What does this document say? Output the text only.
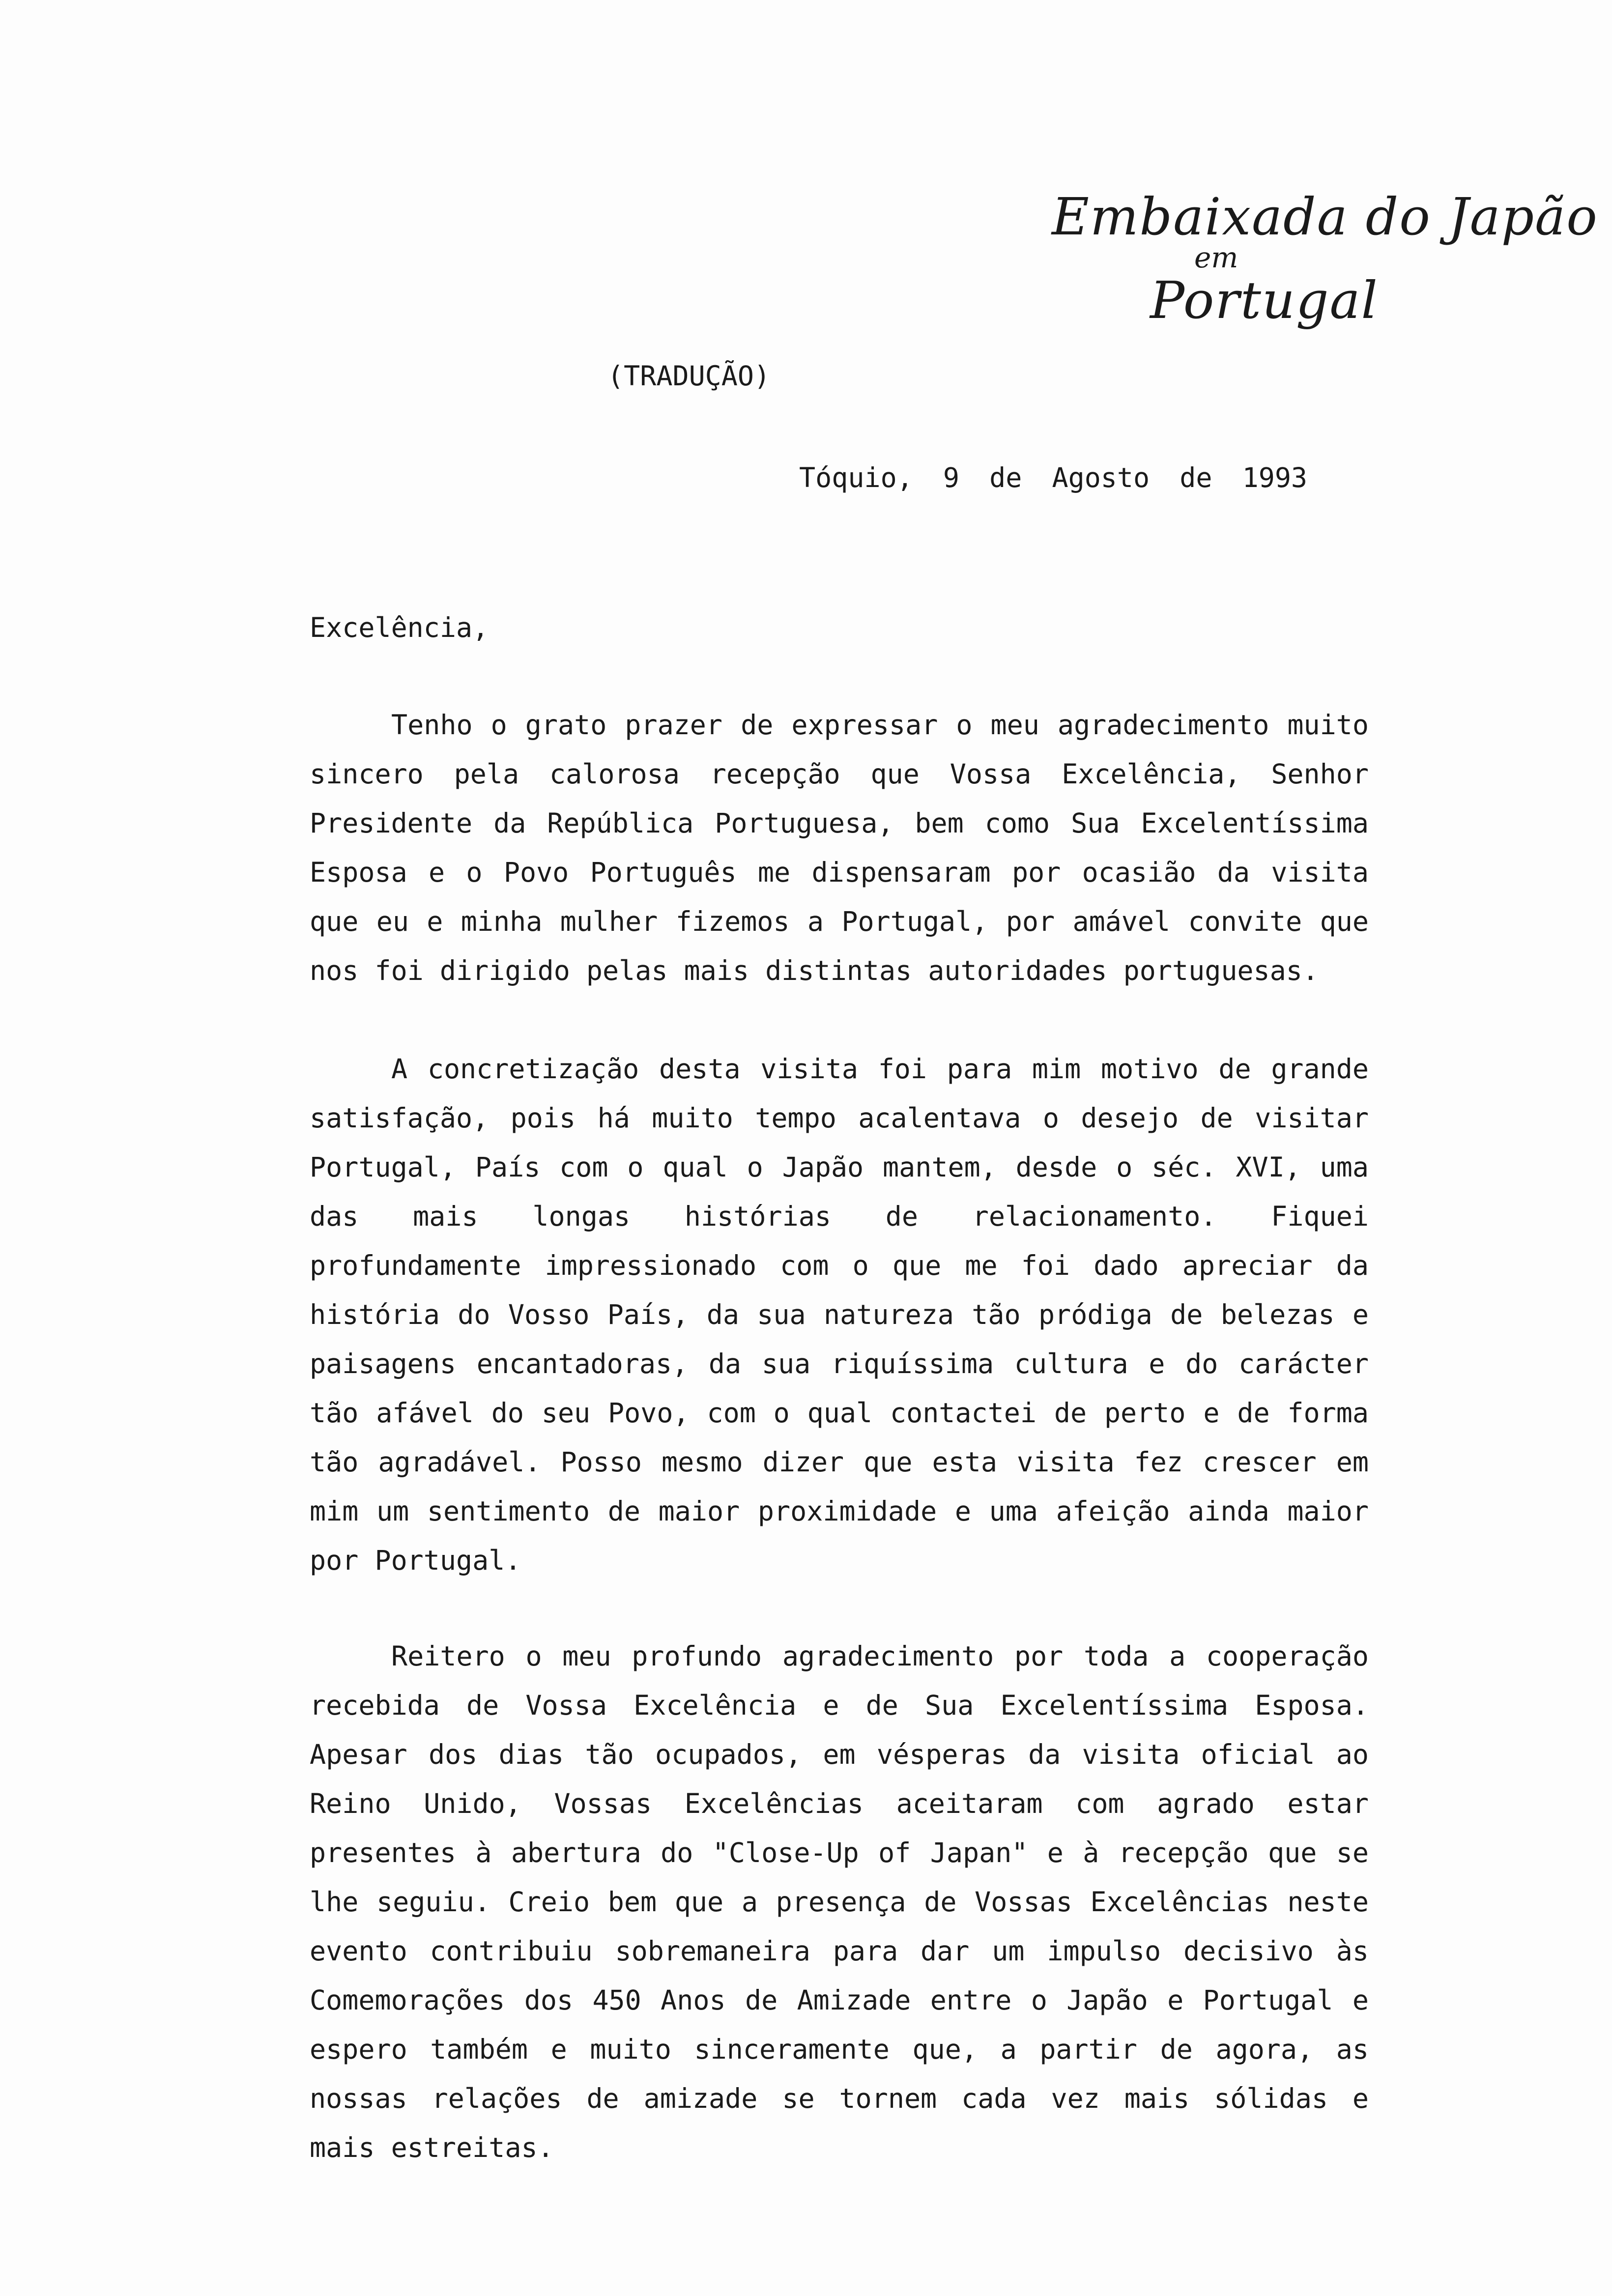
Embaixada do Japão
em
Portugal
(TRADUÇÃO)
Tóquio, 9 de Agosto de 1993
Excelência,
Tenho o grato prazer de expressar o meu agradecimento muito
sincero pela calorosa recepção que Vossa Excelência, Senhor
Presidente da República Portuguesa, bem como Sua Excelentíssima
Esposa e o Povo Português me dispensaram por ocasião da visita
que eu e minha mulher fizemos a Portugal, por amável convite que
nos foi dirigido pelas mais distintas autoridades portuguesas.
A concretização desta visita foi para mim motivo de grande
satisfação, pois há muito tempo acalentava o desejo de visitar
Portugal, País com o qual o Japão mantem, desde o séc. XVI, uma
das mais longas histórias de relacionamento. Fiquei
profundamente impressionado com o que me foi dado apreciar da
história do Vosso País, da sua natureza tão pródiga de belezas e
paisagens encantadoras, da sua riquíssima cultura e do carácter
tão afável do seu Povo, com o qual contactei de perto e de forma
tão agradável. Posso mesmo dizer que esta visita fez crescer em
mim um sentimento de maior proximidade e uma afeição ainda maior
por Portugal.
Reitero o meu profundo agradecimento por toda a cooperação
recebida de Vossa Excelência e de Sua Excelentíssima Esposa.
Apesar dos dias tão ocupados, em vésperas da visita oficial ao
Reino Unido, Vossas Excelências aceitaram com agrado estar
presentes à abertura do "Close-Up of Japan" e à recepção que se
lhe seguiu. Creio bem que a presença de Vossas Excelências neste
evento contribuiu sobremaneira para dar um impulso decisivo às
Comemorações dos 450 Anos de Amizade entre o Japão e Portugal e
espero também e muito sinceramente que, a partir de agora, as
nossas relações de amizade se tornem cada vez mais sólidas e
mais estreitas.
